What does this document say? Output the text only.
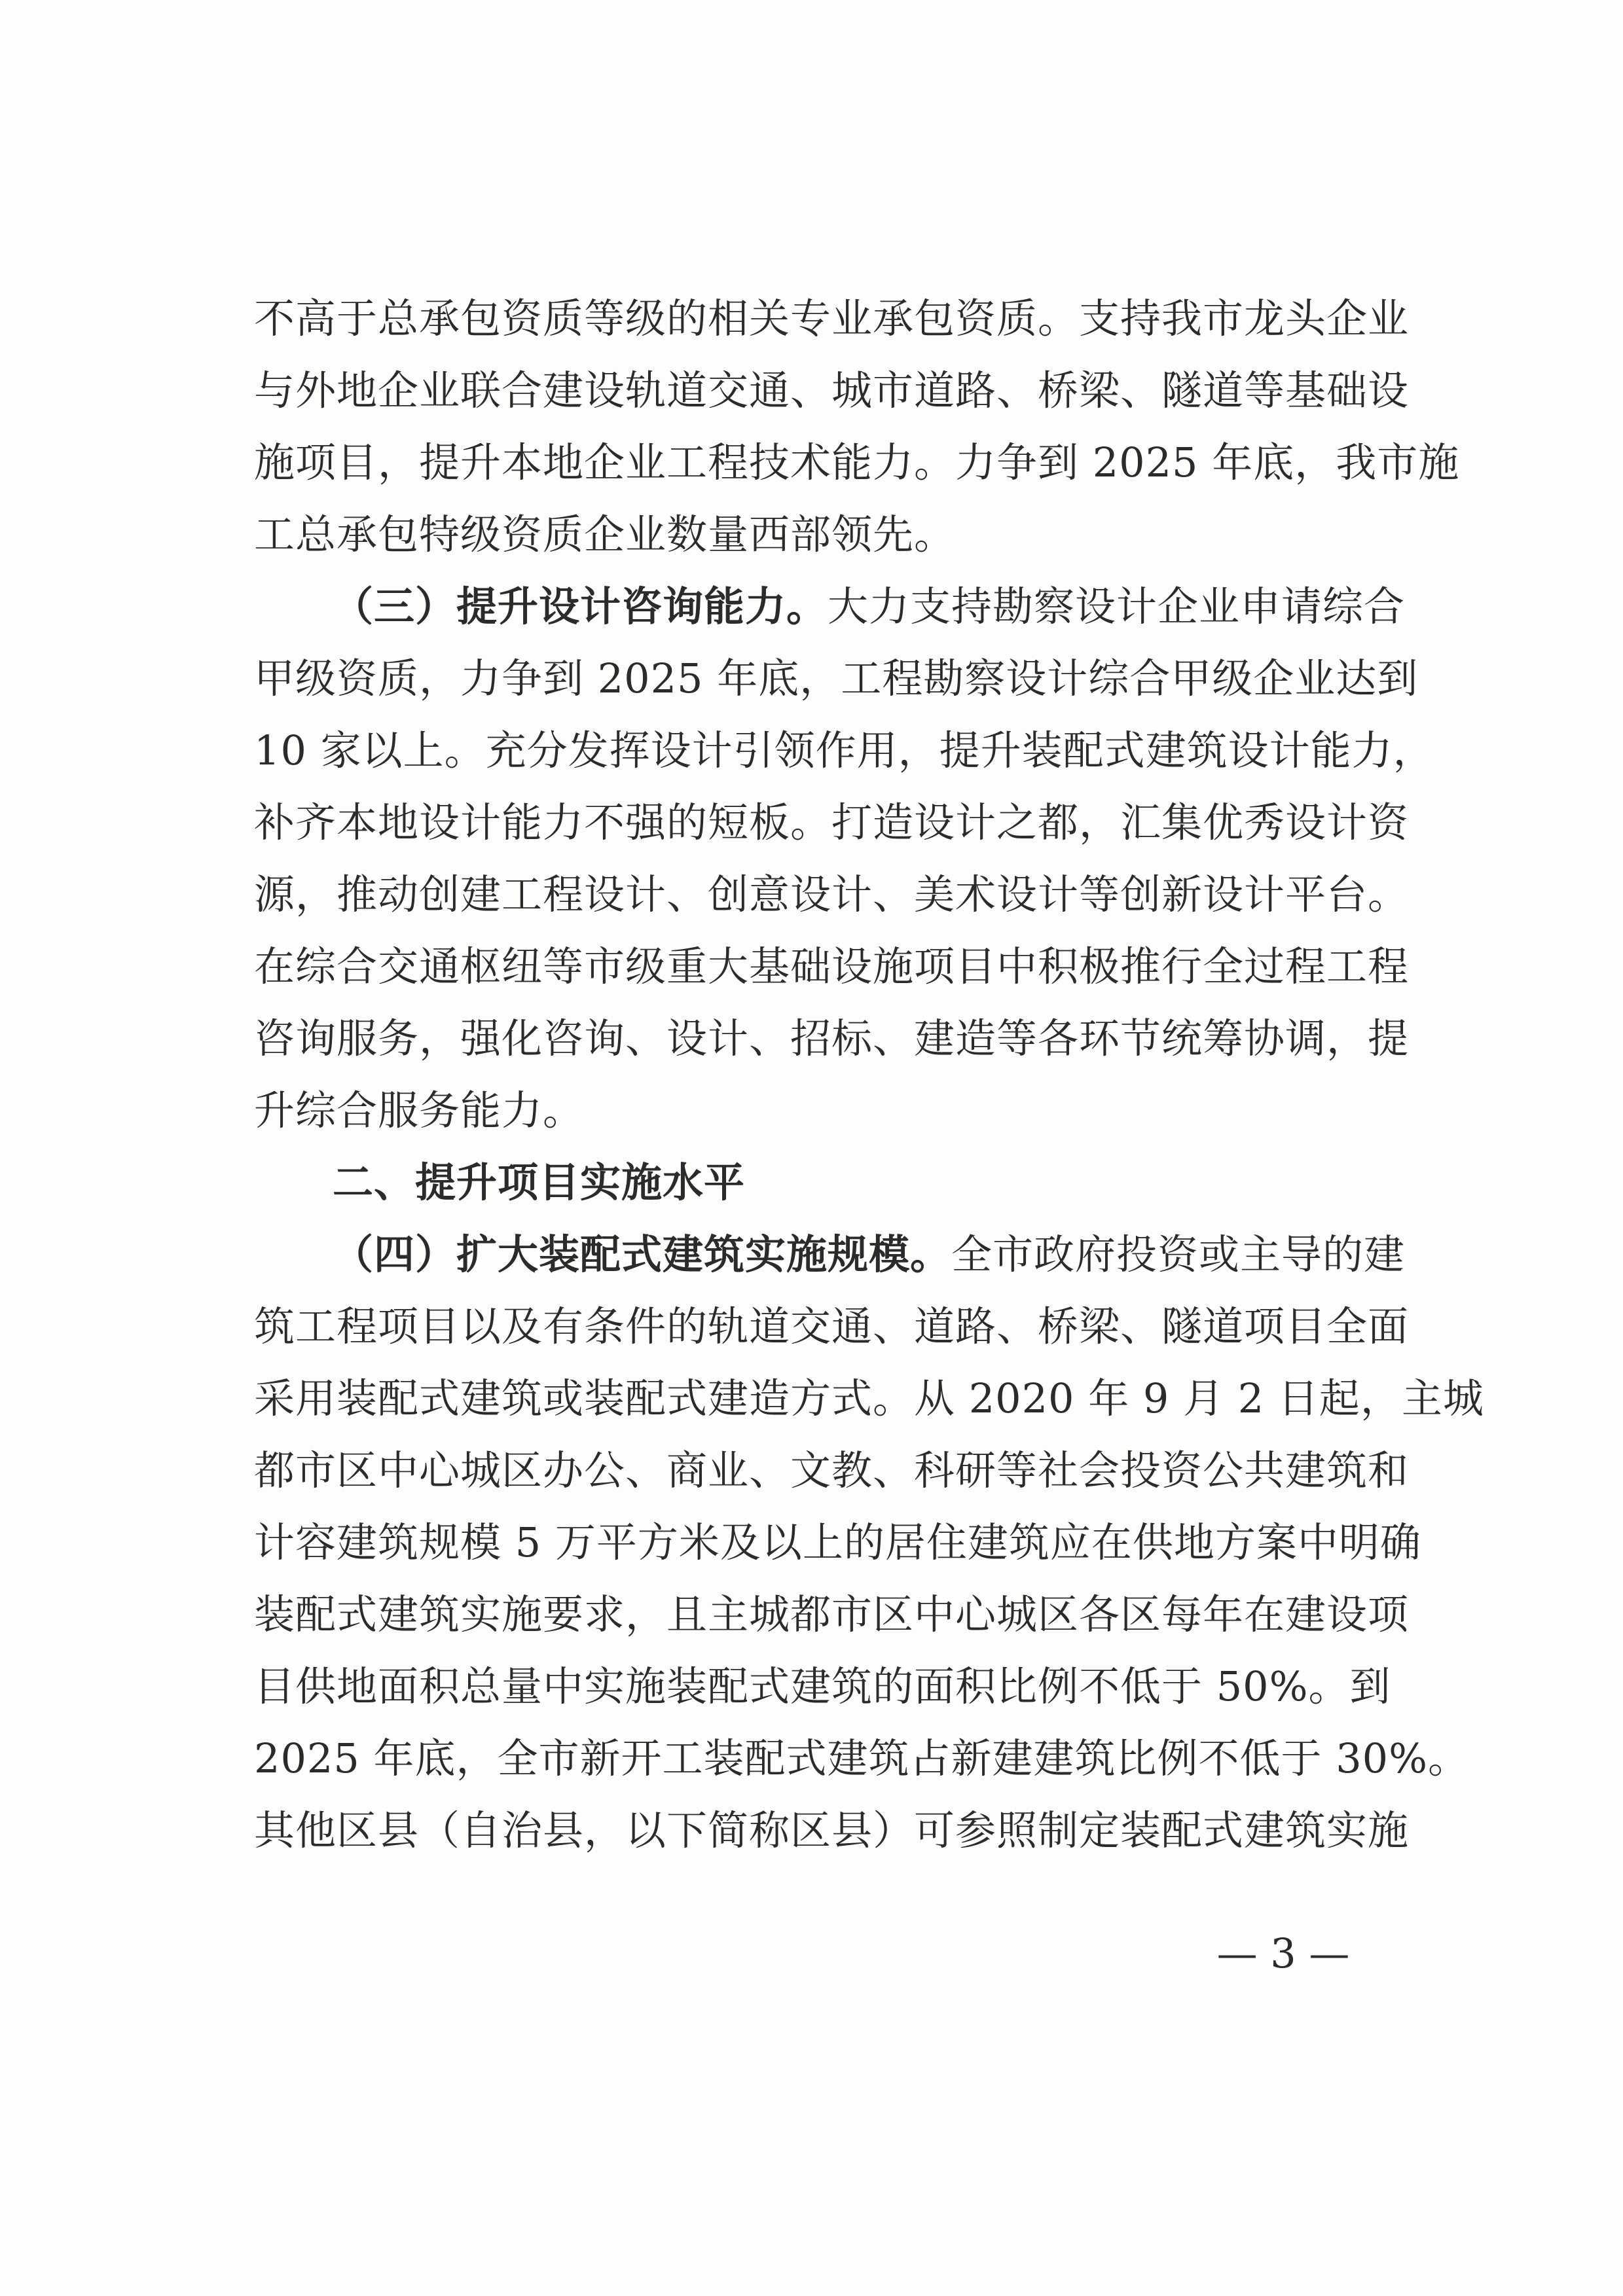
不高于总承包资质等级的相关专业承包资质。支持我市龙头企业
与外地企业联合建设轨道交通、城市道路、桥梁、隧道等基础设
施项目，提升本地企业工程技术能力。力争到 2025 年底，我市施
工总承包特级资质企业数量西部领先。
（三）提升设计咨询能力。大力支持勘察设计企业申请综合
甲级资质，力争到 2025 年底，工程勘察设计综合甲级企业达到
10 家以上。充分发挥设计引领作用，提升装配式建筑设计能力，
补齐本地设计能力不强的短板。打造设计之都，汇集优秀设计资
源，推动创建工程设计、创意设计、美术设计等创新设计平台。
在综合交通枢纽等市级重大基础设施项目中积极推行全过程工程
咨询服务，强化咨询、设计、招标、建造等各环节统筹协调，提
升综合服务能力。
二、提升项目实施水平
（四）扩大装配式建筑实施规模。全市政府投资或主导的建
筑工程项目以及有条件的轨道交通、道路、桥梁、隧道项目全面
采用装配式建筑或装配式建造方式。从 2020 年 9 月 2 日起，主城
都市区中心城区办公、商业、文教、科研等社会投资公共建筑和
计容建筑规模 5 万平方米及以上的居住建筑应在供地方案中明确
装配式建筑实施要求，且主城都市区中心城区各区每年在建设项
目供地面积总量中实施装配式建筑的面积比例不低于 50%。到
2025 年底，全市新开工装配式建筑占新建建筑比例不低于 30%。
其他区县（自治县，以下简称区县）可参照制定装配式建筑实施
— 3 —
